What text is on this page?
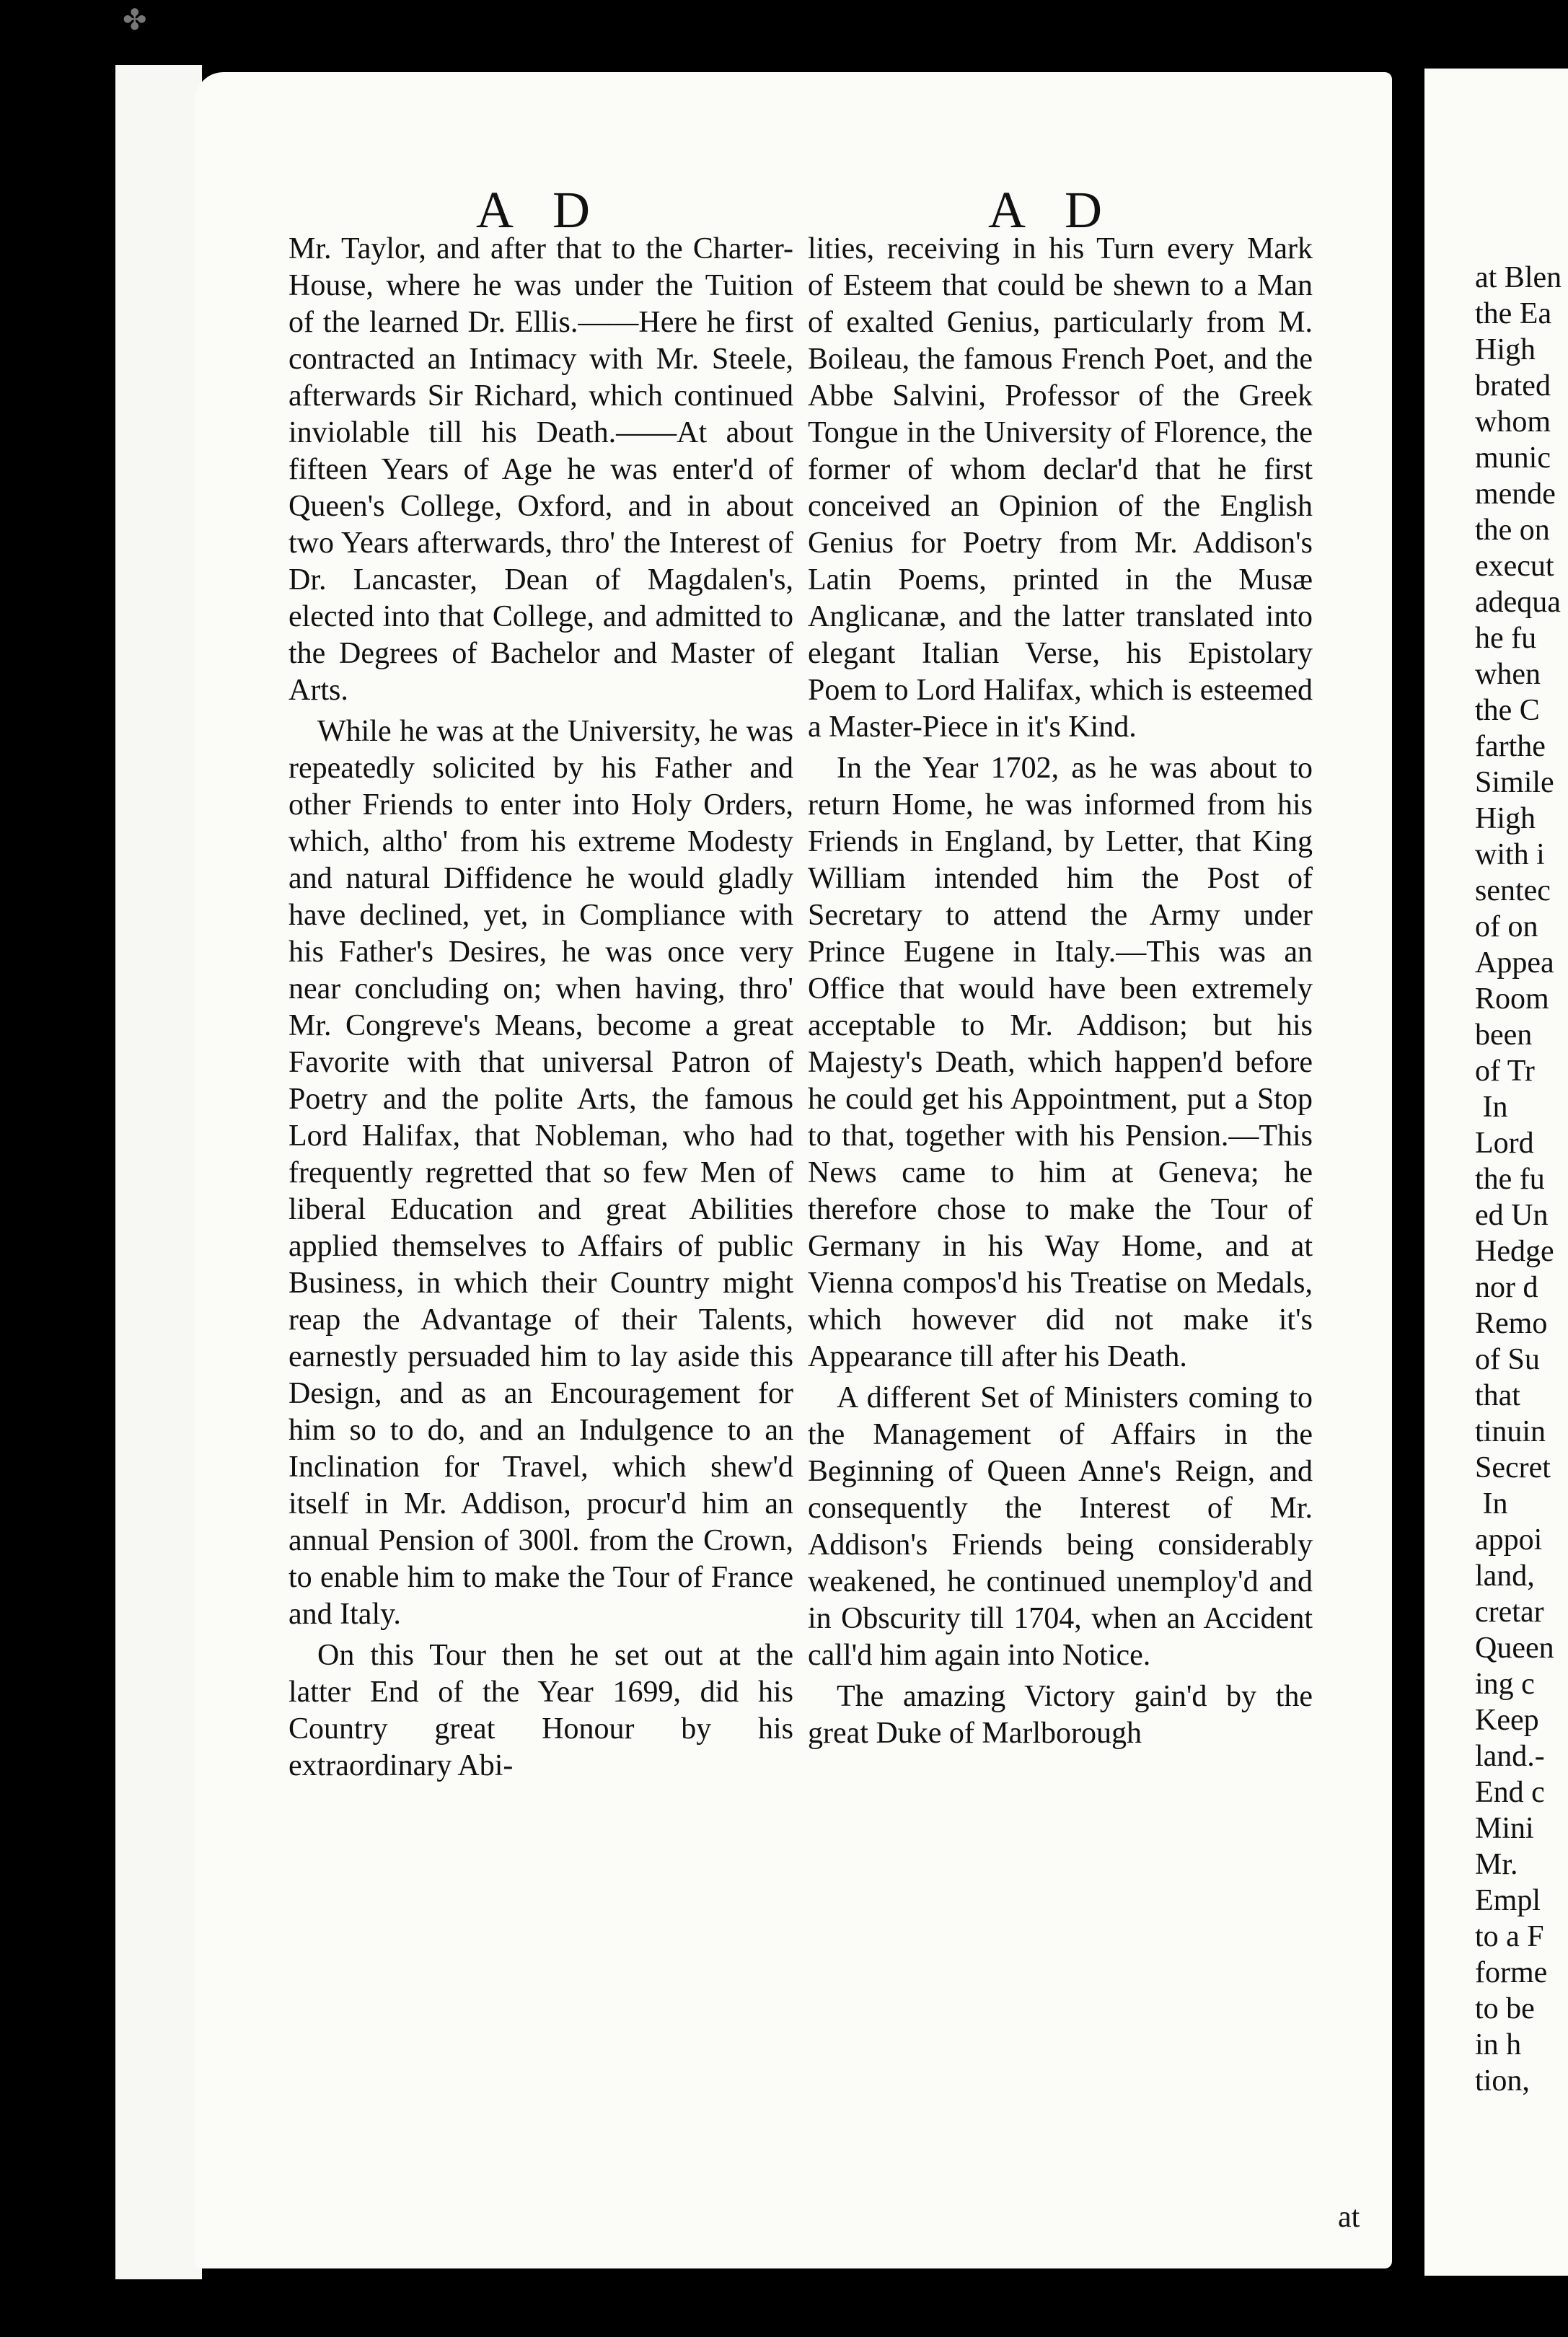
✤
A D	A D

Mr. Taylor, and after that to the Charter-House, where he was under the Tuition of the learned Dr. Ellis.——Here he first contracted an Intimacy with Mr. Steele, afterwards Sir Richard, which continued inviolable till his Death.——At about fifteen Years of Age he was enter'd of Queen's College, Oxford, and in about two Years afterwards, thro' the Interest of Dr. Lancaster, Dean of Magdalen's, elected into that College, and admitted to the Degrees of Bachelor and Master of Arts.

While he was at the University, he was repeatedly solicited by his Father and other Friends to enter into Holy Orders, which, altho' from his extreme Modesty and natural Diffidence he would gladly have declined, yet, in Compliance with his Father's Desires, he was once very near concluding on; when having, thro' Mr. Congreve's Means, become a great Favorite with that universal Patron of Poetry and the polite Arts, the famous Lord Halifax, that Nobleman, who had frequently regretted that so few Men of liberal Education and great Abilities applied themselves to Affairs of public Business, in which their Country might reap the Advantage of their Talents, earnestly persuaded him to lay aside this Design, and as an Encouragement for him so to do, and an Indulgence to an Inclination for Travel, which shew'd itself in Mr. Addison, procur'd him an annual Pension of 300l. from the Crown, to enable him to make the Tour of France and Italy.

On this Tour then he set out at the latter End of the Year 1699, did his Country great Honour by his extraordinary Abi-

lities, receiving in his Turn every Mark of Esteem that could be shewn to a Man of exalted Genius, particularly from M. Boileau, the famous French Poet, and the Abbe Salvini, Professor of the Greek Tongue in the University of Florence, the former of whom declar'd that he first conceived an Opinion of the English Genius for Poetry from Mr. Addison's Latin Poems, printed in the Musæ Anglicanæ, and the latter translated into elegant Italian Verse, his Epistolary Poem to Lord Halifax, which is esteemed a Master-Piece in it's Kind.

In the Year 1702, as he was about to return Home, he was informed from his Friends in England, by Letter, that King William intended him the Post of Secretary to attend the Army under Prince Eugene in Italy.—This was an Office that would have been extremely acceptable to Mr. Addison; but his Majesty's Death, which happen'd before he could get his Appointment, put a Stop to that, together with his Pension.—This News came to him at Geneva; he therefore chose to make the Tour of Germany in his Way Home, and at Vienna compos'd his Treatise on Medals, which however did not make it's Appearance till after his Death.

A different Set of Ministers coming to the Management of Affairs in the Beginning of Queen Anne's Reign, and consequently the Interest of Mr. Addison's Friends being considerably weakened, he continued unemploy'd and in Obscurity till 1704, when an Accident call'd him again into Notice.

The amazing Victory gain'd by the great Duke of Marlborough

at
at Blen
the Ea
High
brated
whom
munic
mende
the on
execut
adequa
he fu
when
the C
farthe
Simile
High
with i
sentec
of on
Appea
Room
been
of Tr
In
Lord
the fu
ed Un
Hedge
nor d
Remo
of Su
that
tinuin
Secret
In
appoi
land,
cretar
Queen
ing c
Keep
land.-
End c
Mini
Mr.
Empl
to a F
forme
to be
in h
tion,
